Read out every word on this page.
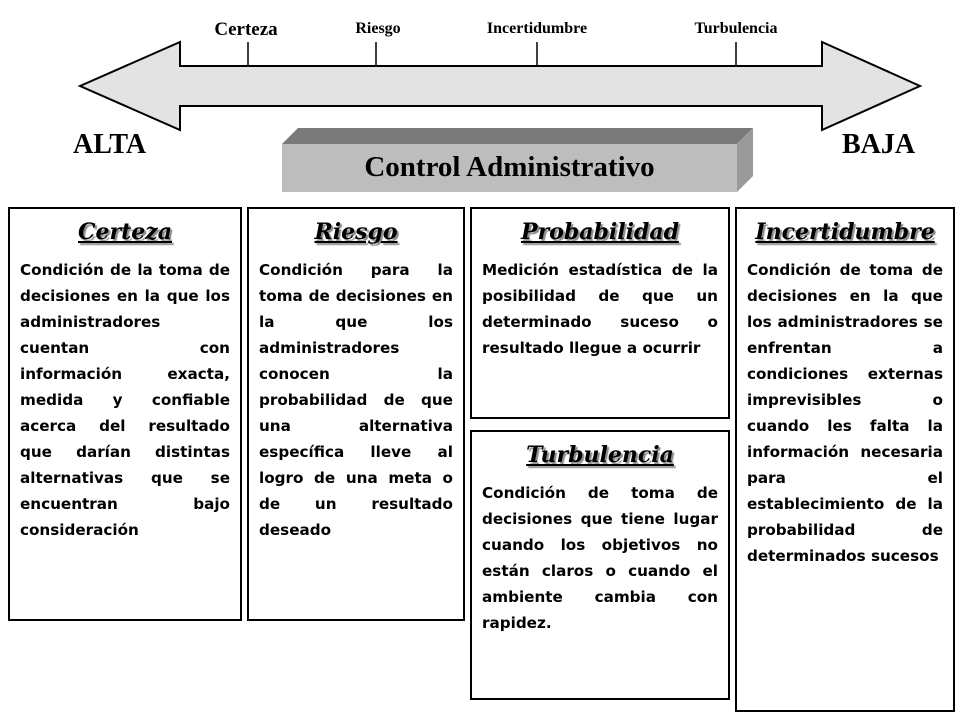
Certeza	Riesgo	Incertidumbre	Turbulencia
ALTA	BAJA
Control Administrativo
Certeza
Condición de la toma de decisiones en la que los administradores cuentan con información exacta, medida y confiable acerca del resultado que darían distintas alternativas que se encuentran bajo consideración
Riesgo
Condición para la toma de decisiones en la que los administradores conocen la probabilidad de que una alternativa específica lleve al logro de una meta o de un resultado deseado
Probabilidad
Medición estadística de la posibilidad de que un determinado suceso o resultado llegue a ocurrir
Turbulencia
Condición de toma de decisiones que tiene lugar cuando los objetivos no están claros o cuando el ambiente cambia con rapidez.
Incertidumbre
Condición de toma de decisiones en la que los administradores se enfrentan a condiciones externas imprevisibles o cuando les falta la información necesaria para el establecimiento de la probabilidad de determinados sucesos
